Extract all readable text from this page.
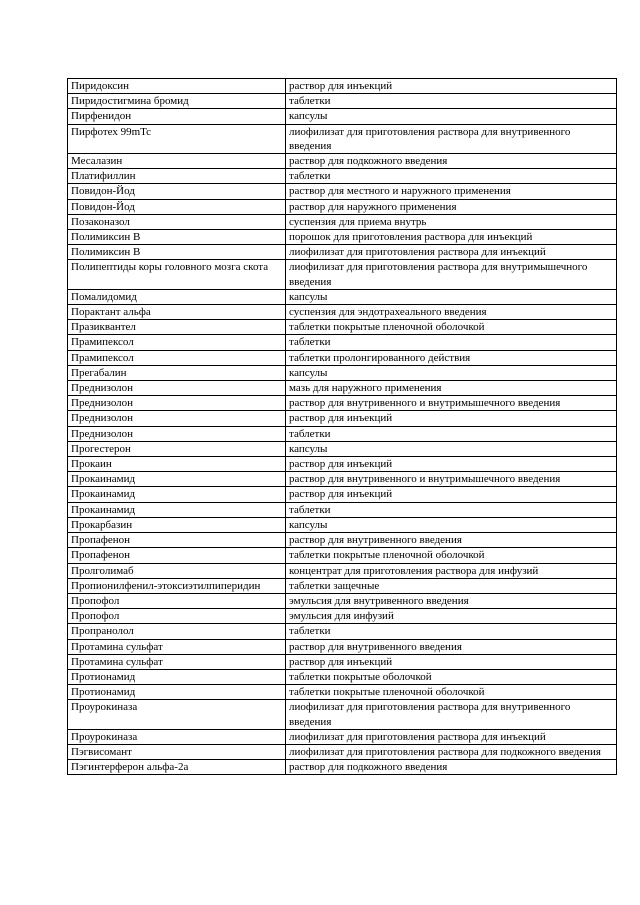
Пиридоксин	раствор для инъекций
Пиридостигмина бромид	таблетки
Пирфенидон	капсулы
Пирфотех 99mTc	лиофилизат для приготовления раствора для внутривенного введения
Месалазин	раствор для подкожного введения
Платифиллин	таблетки
Повидон-Йод	раствор для местного и наружного применения
Повидон-Йод	раствор для наружного применения
Позаконазол	суспензия для приема внутрь
Полимиксин В	порошок для приготовления раствора для инъекций
Полимиксин В	лиофилизат для приготовления раствора для инъекций
Полипептиды коры головного мозга скота	лиофилизат для приготовления раствора для внутримышечного введения
Помалидомид	капсулы
Порактант альфа	суспензия для эндотрахеального введения
Празиквантел	таблетки покрытые пленочной оболочкой
Прамипексол	таблетки
Прамипексол	таблетки пролонгированного действия
Прегабалин	капсулы
Преднизолон	мазь для наружного применения
Преднизолон	раствор для внутривенного и внутримышечного введения
Преднизолон	раствор для инъекций
Преднизолон	таблетки
Прогестерон	капсулы
Прокаин	раствор для инъекций
Прокаинамид	раствор для внутривенного и внутримышечного введения
Прокаинамид	раствор для инъекций
Прокаинамид	таблетки
Прокарбазин	капсулы
Пропафенон	раствор для внутривенного введения
Пропафенон	таблетки покрытые пленочной оболочкой
Пролголимаб	концентрат для приготовления раствора для инфузий
Пропионилфенил-этоксиэтилпиперидин	таблетки защечные
Пропофол	эмульсия для внутривенного введения
Пропофол	эмульсия для инфузий
Пропранолол	таблетки
Протамина сульфат	раствор для внутривенного введения
Протамина сульфат	раствор для инъекций
Протионамид	таблетки покрытые оболочкой
Протионамид	таблетки покрытые пленочной оболочкой
Проурокиназа	лиофилизат для приготовления раствора для внутривенного введения
Проурокиназа	лиофилизат для приготовления раствора для инъекций
Пэгвисомант	лиофилизат для приготовления раствора для подкожного введения
Пэгинтерферон альфа-2а	раствор для подкожного введения
